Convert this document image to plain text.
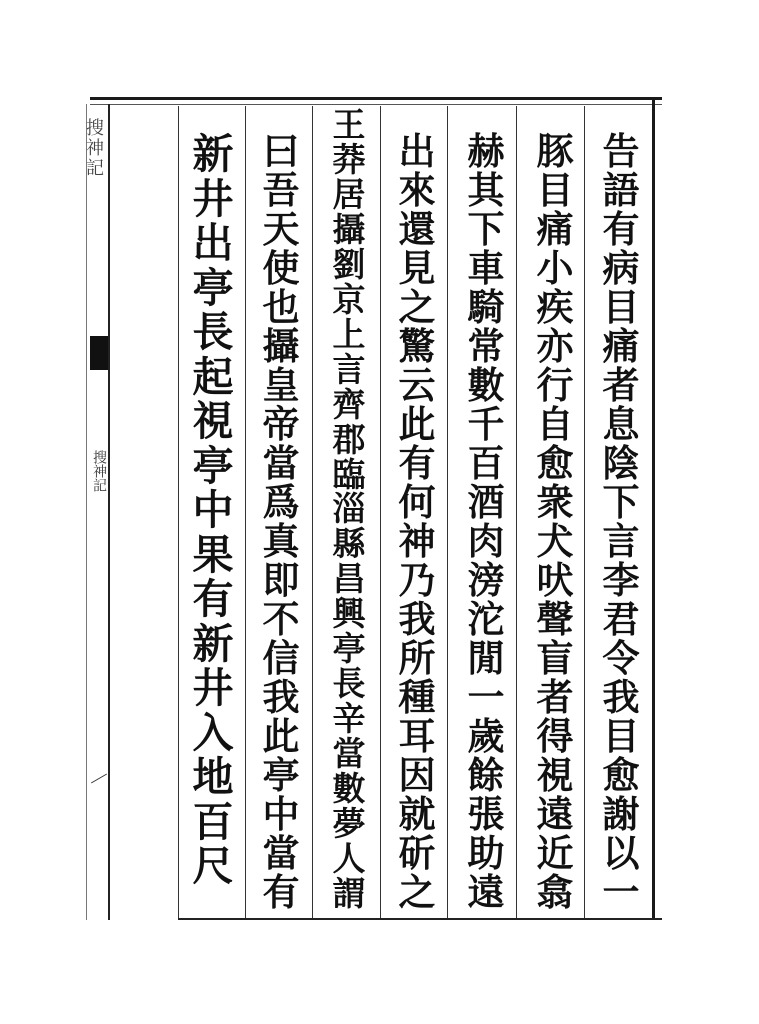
搜神記
搜神記
告
語
有
病
目
痛
者
息
陰
下
言
李
君
令
我
目
愈
謝
以
一
豚
目
痛
小
疾
亦
行
自
愈
衆
犬
吠
聲
盲
者
得
視
遠
近
翕
赫
其
下
車
騎
常
數
千
百
酒
肉
滂
沱
閒
一
歲
餘
張
助
遠
出
來
還
見
之
驚
云
此
有
何
神
乃
我
所
種
耳
因
就
斫
之
王
莽
居
攝
劉
京
上
言
齊
郡
臨
淄
縣
昌
興
亭
長
辛
當
數
夢
人
謂
曰
吾
天
使
也
攝
皇
帝
當
爲
真
即
不
信
我
此
亭
中
當
有
新
井
出
亭
長
起
視
亭
中
果
有
新
井
入
地
百
尺
